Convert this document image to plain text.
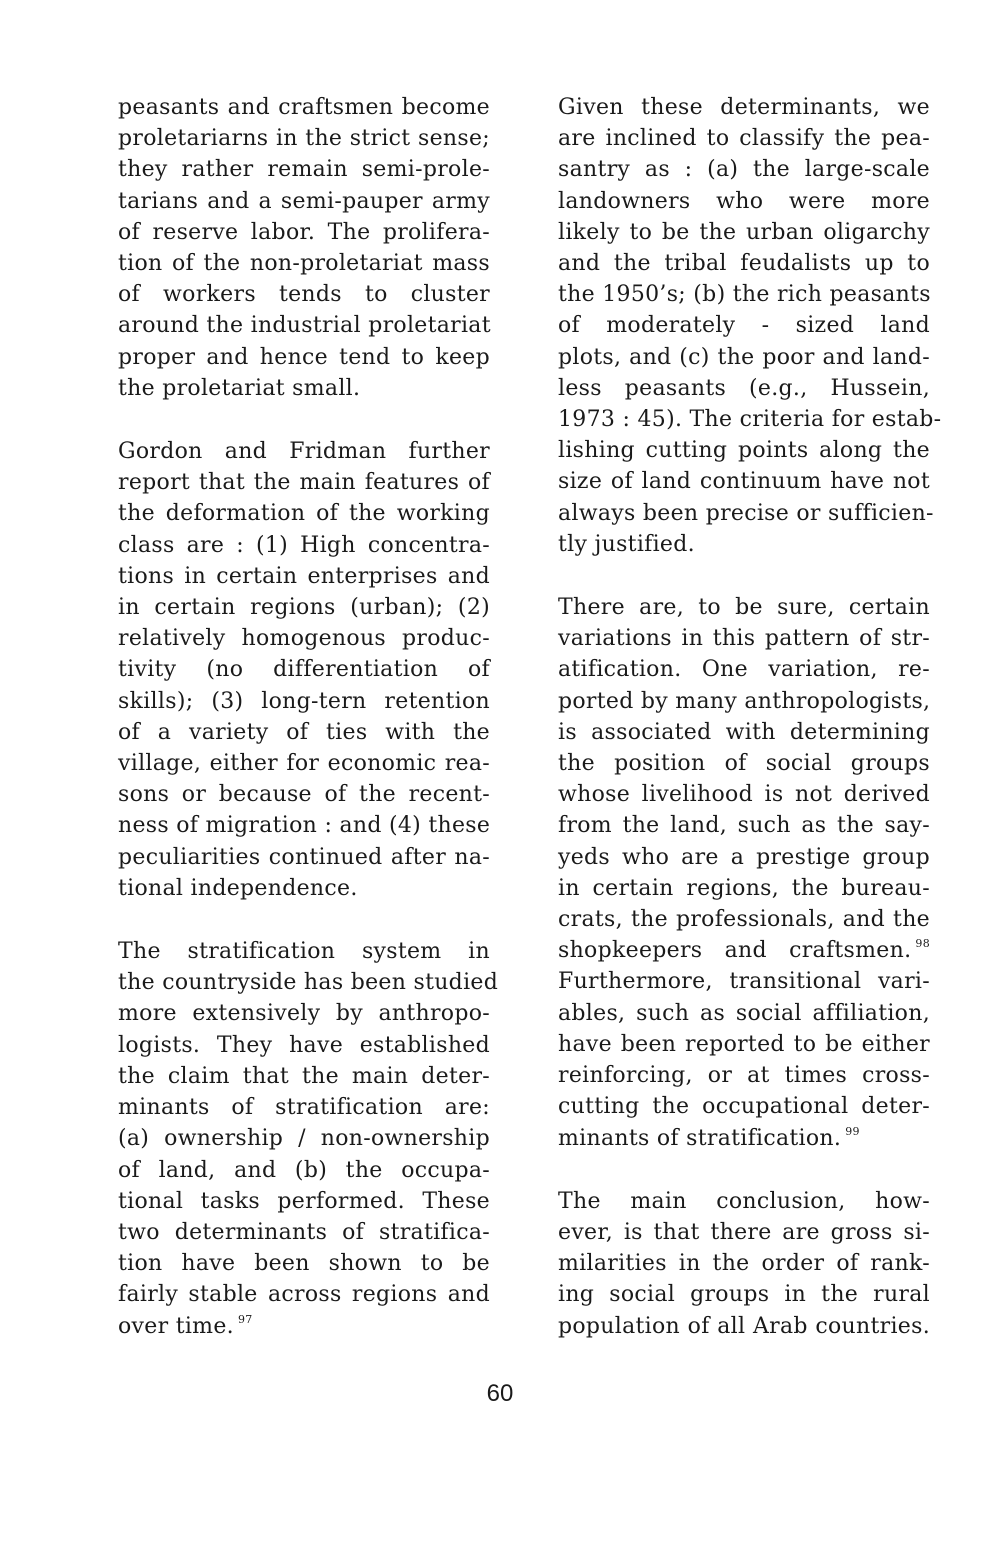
peasants and craftsmen become
proletariarns in the strict sense;
they rather remain semi-prole-
tarians and a semi-pauper army
of reserve labor. The prolifera-
tion of the non-proletariat mass
of workers tends to cluster
around the industrial proletariat
proper and hence tend to keep
the proletariat small.

Gordon and Fridman further
report that the main features of
the deformation of the working
class are : (1) High concentra-
tions in certain enterprises and
in certain regions (urban); (2)
relatively homogenous produc-
tivity (no differentiation of
skills); (3) long-tern retention
of a variety of ties with the
village, either for economic rea-
sons or because of the recent-
ness of migration : and (4) these
peculiarities continued after na-
tional independence.

The stratification system in
the countryside has been studied
more extensively by anthropo-
logists. They have established
the claim that the main deter-
minants of stratification are:
(a) ownership / non-ownership
of land, and (b) the occupa-
tional tasks performed. These
two determinants of stratifica-
tion have been shown to be
fairly stable across regions and
over time. $^{97}$

Given these determinants, we
are inclined to classify the pea-
santry as : (a) the large-scale
landowners who were more
likely to be the urban oligarchy
and the tribal feudalists up to
the 1950’s; (b) the rich peasants
of moderately - sized land
plots, and (c) the poor and land-
less peasants (e.g., Hussein,
1973 : 45). The criteria for estab-
lishing cutting points along the
size of land continuum have not
always been precise or sufficien-
tly justified.

There are, to be sure, certain
variations in this pattern of str-
atification. One variation, re-
ported by many anthropologists,
is associated with determining
the position of social groups
whose livelihood is not derived
from the land, such as the say-
yeds who are a prestige group
in certain regions, the bureau-
crats, the professionals, and the
shopkeepers and craftsmen. $^{98}$
Furthermore, transitional vari-
ables, such as social affiliation,
have been reported to be either
reinforcing, or at times cross-
cutting the occupational deter-
minants of stratification. $^{99}$

The main conclusion, how-
ever, is that there are gross si-
milarities in the order of rank-
ing social groups in the rural
population of all Arab countries.

60
